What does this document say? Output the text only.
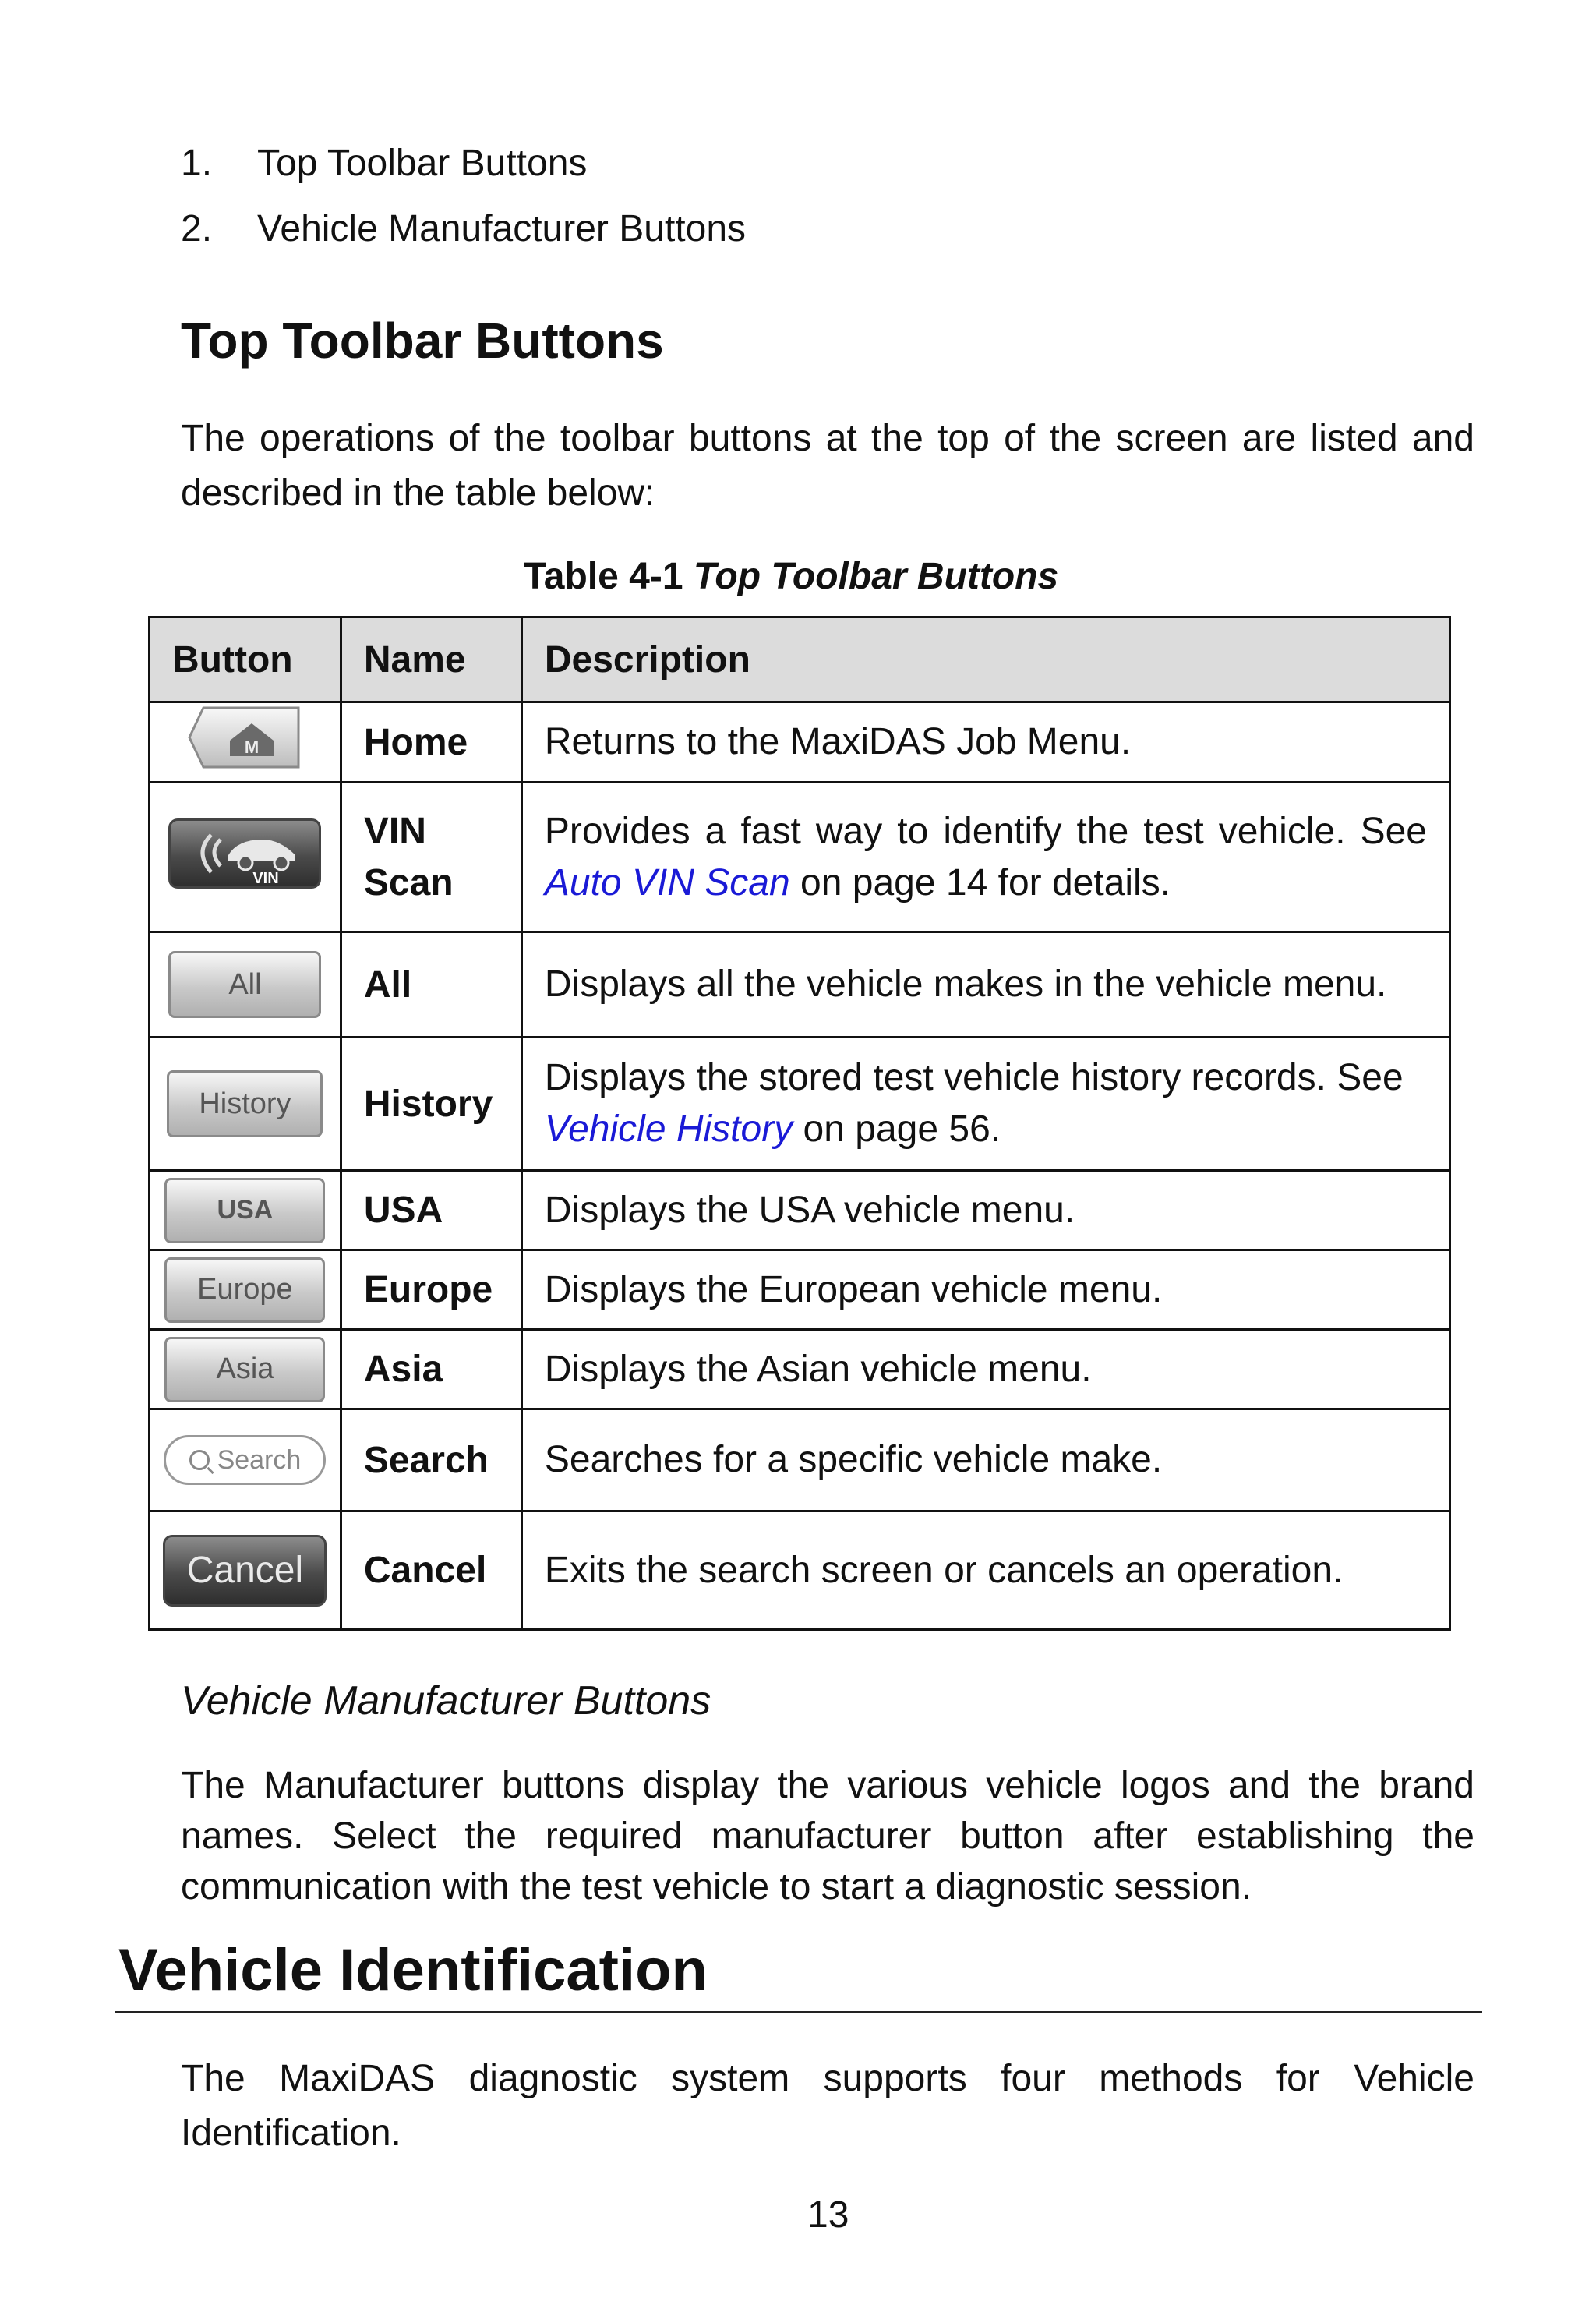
1. Top Toolbar Buttons
2. Vehicle Manufacturer Buttons
Top Toolbar Buttons
The operations of the toolbar buttons at the top of the screen are listed and described in the table below:
Table 4-1 Top Toolbar Buttons
Button	Name	Description

M	Home	Returns to the MaxiDAS Job Menu.

VIN	VIN Scan	Provides a fast way to identify the test vehicle. See Auto VIN Scan on page 14 for details.
All	All	Displays all the vehicle makes in the vehicle menu.
History	History	Displays the stored test vehicle history records. See Vehicle History on page 56.
USA	USA	Displays the USA vehicle menu.
Europe	Europe	Displays the European vehicle menu.
Asia	Asia	Displays the Asian vehicle menu.

Search	Search	Searches for a specific vehicle make.
Cancel	Cancel	Exits the search screen or cancels an operation.
Vehicle Manufacturer Buttons
The Manufacturer buttons display the various vehicle logos and the brand names. Select the required manufacturer button after establishing the communication with the test vehicle to start a diagnostic session.
Vehicle Identification
The MaxiDAS diagnostic system supports four methods for Vehicle Identification.
13
